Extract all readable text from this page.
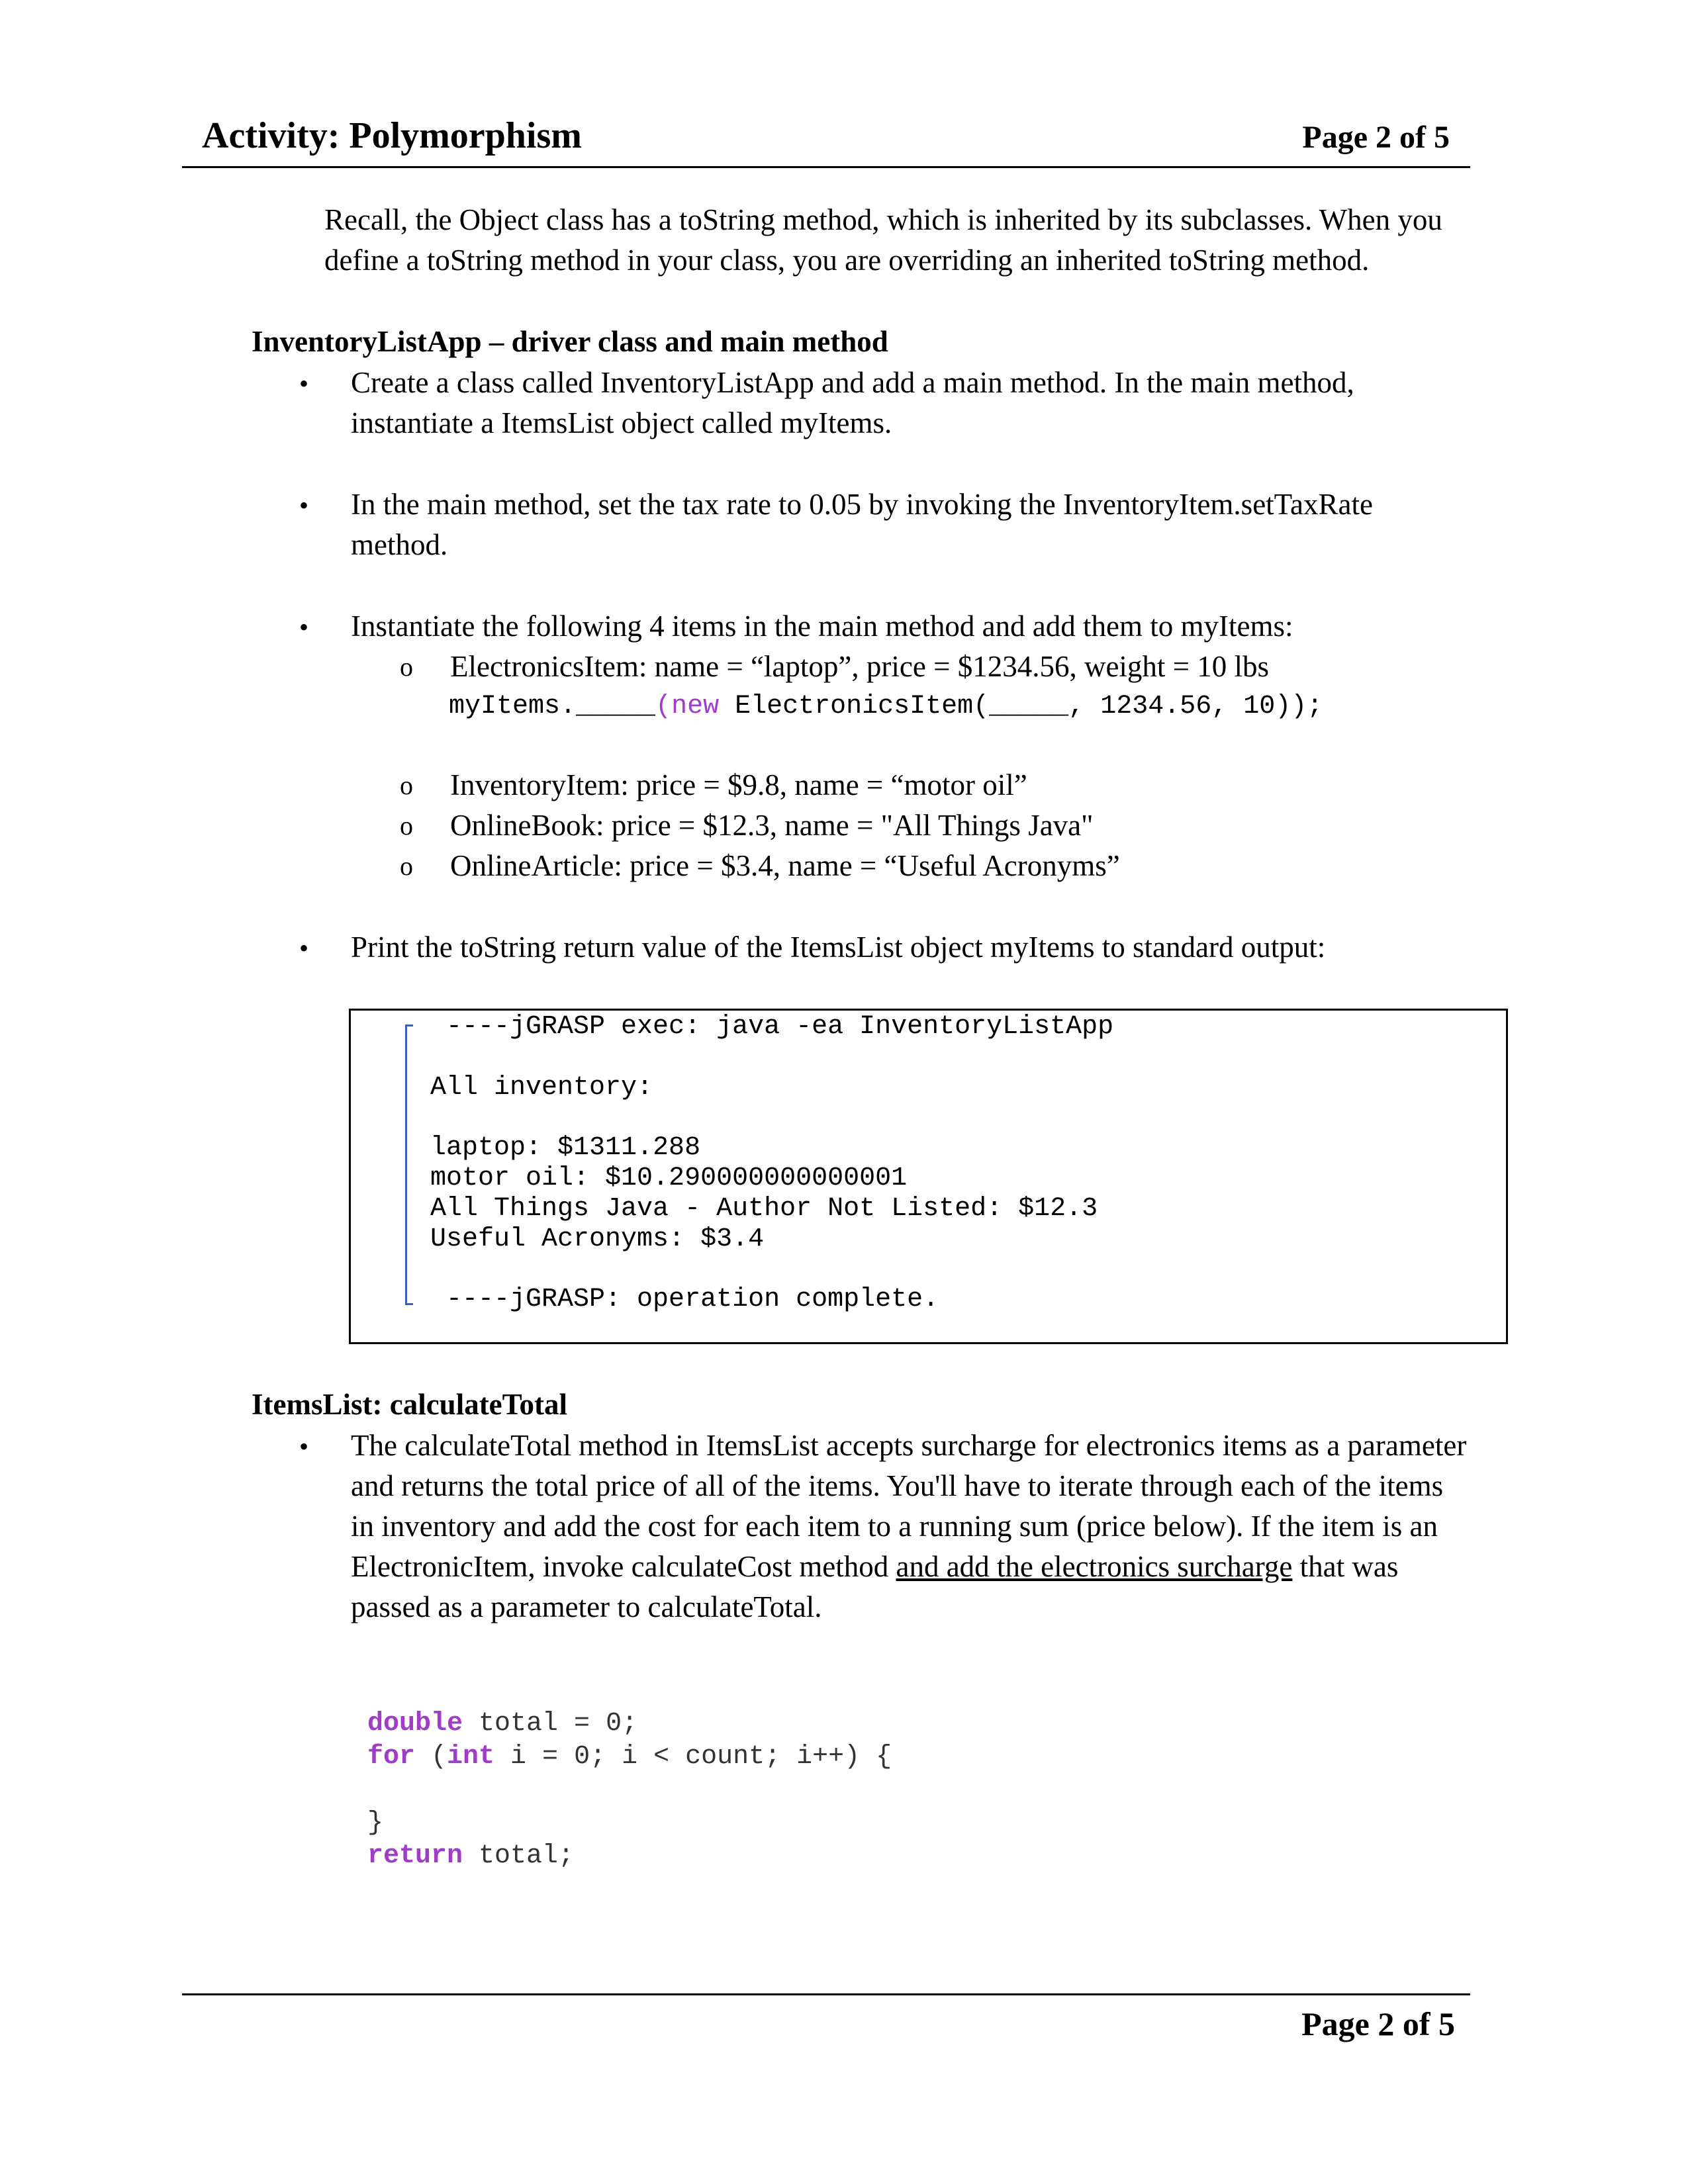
Activity: Polymorphism	Page 2 of 5
Recall, the Object class has a toString method, which is inherited by its subclasses. When you
define a toString method in your class, you are overriding an inherited toString method.
InventoryListApp – driver class and main method
• Create a class called InventoryListApp and add a main method. In the main method,
instantiate a ItemsList object called myItems.
• In the main method, set the tax rate to 0.05 by invoking the InventoryItem.setTaxRate
method.
• Instantiate the following 4 items in the main method and add them to myItems:
o ElectronicsItem: name = “laptop”, price = $1234.56, weight = 10 lbs
myItems._____(new ElectronicsItem(_____, 1234.56, 10));
o InventoryItem: price = $9.8, name = “motor oil”
o OnlineBook: price = $12.3, name = "All Things Java"
o OnlineArticle: price = $3.4, name = “Useful Acronyms”
• Print the toString return value of the ItemsList object myItems to standard output:
----jGRASP exec: java -ea InventoryListApp
All inventory:
laptop: $1311.288
motor oil: $10.290000000000001
All Things Java - Author Not Listed: $12.3
Useful Acronyms: $3.4
----jGRASP: operation complete.
ItemsList: calculateTotal
• The calculateTotal method in ItemsList accepts surcharge for electronics items as a parameter
and returns the total price of all of the items. You'll have to iterate through each of the items
in inventory and add the cost for each item to a running sum (price below). If the item is an
ElectronicItem, invoke calculateCost method and add the electronics surcharge that was
passed as a parameter to calculateTotal.
double total = 0;
for (int i = 0; i < count; i++) {
}
return total;
Page 2 of 5
